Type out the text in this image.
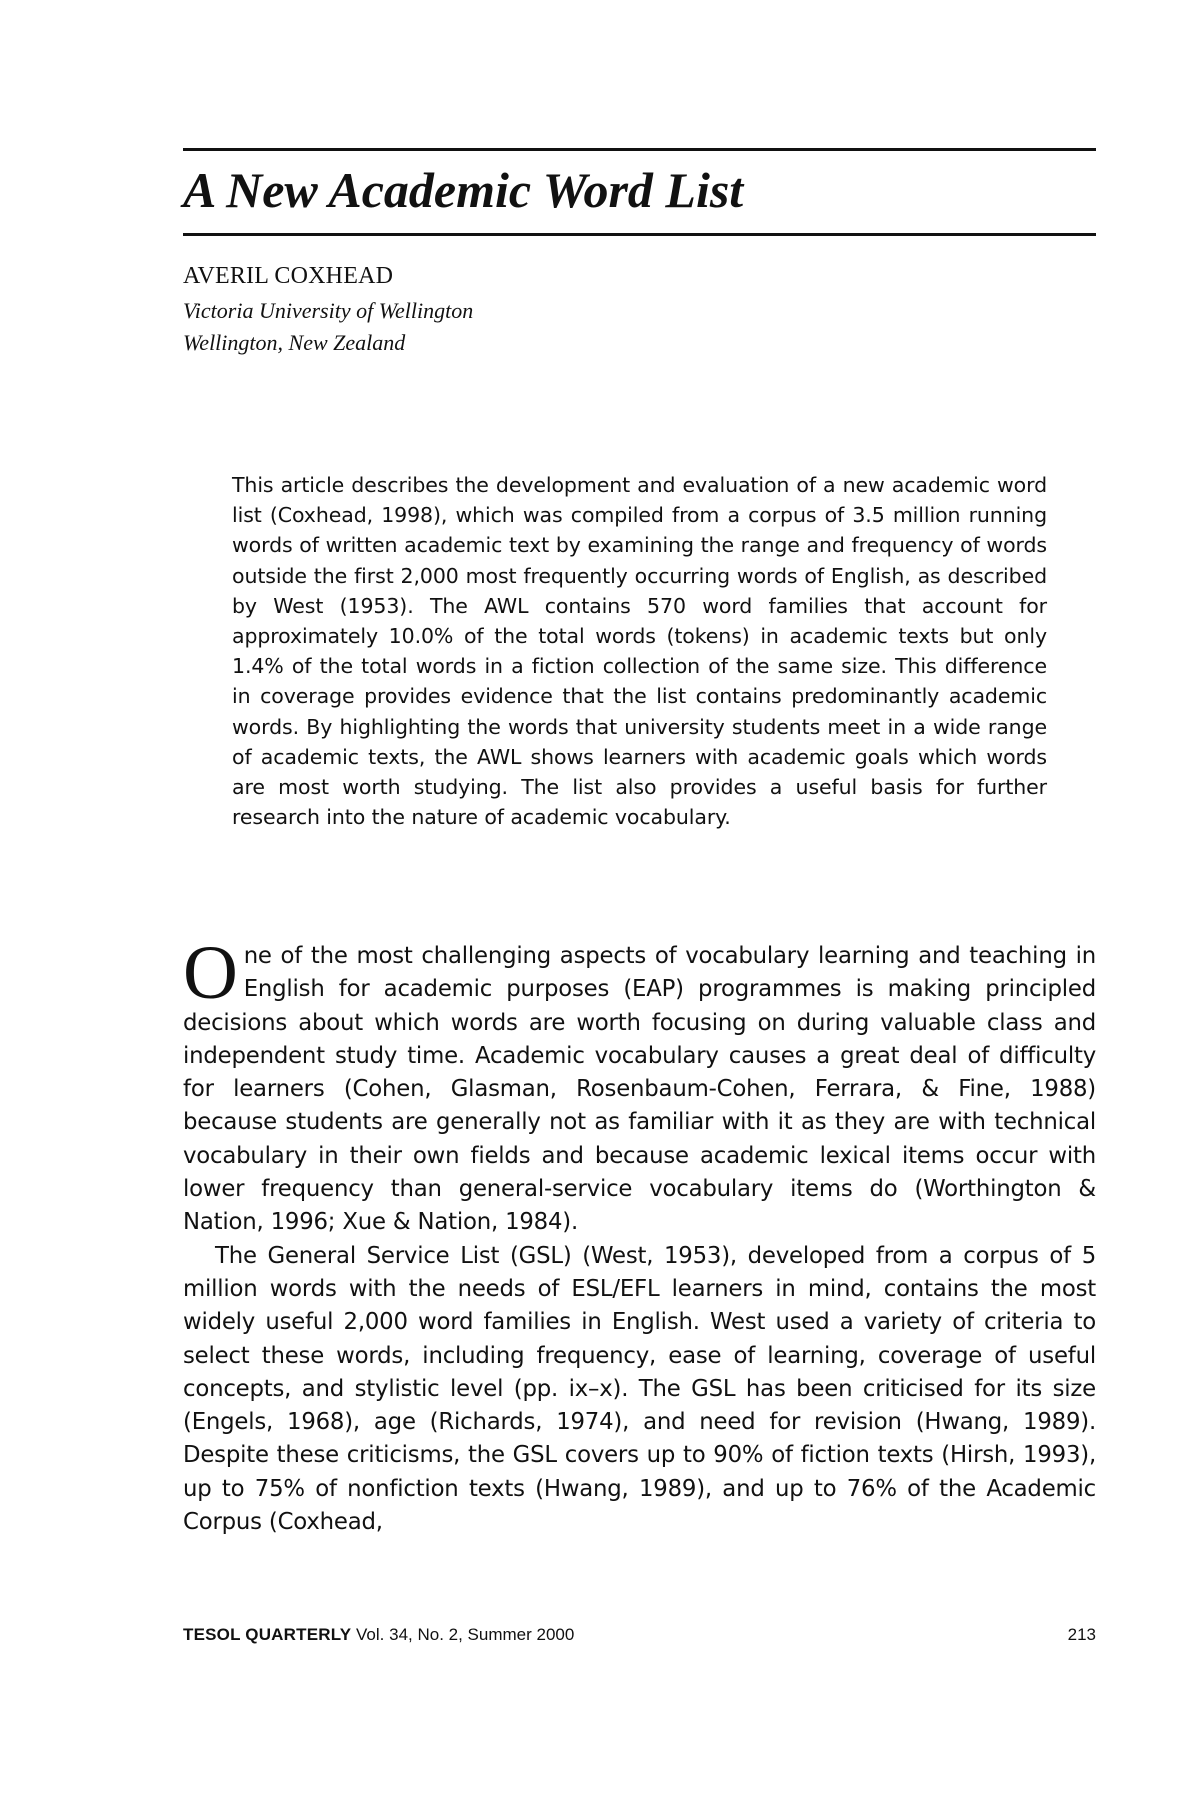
A New Academic Word List
AVERIL COXHEAD
Victoria University of Wellington
Wellington, New Zealand

This article describes the development and evaluation of a new academic word list (Coxhead, 1998), which was compiled from a corpus of 3.5 million running words of written academic text by examining the range and frequency of words outside the first 2,000 most frequently occurring words of English, as described by West (1953). The AWL contains 570 word families that account for approximately 10.0% of the total words (tokens) in academic texts but only 1.4% of the total words in a fiction collection of the same size. This difference in coverage provides evidence that the list contains predominantly academic words. By highlighting the words that university students meet in a wide range of academic texts, the AWL shows learners with academic goals which words are most worth studying. The list also provides a useful basis for further research into the nature of academic vocabulary.

One of the most challenging aspects of vocabulary learning and teaching in English for academic purposes (EAP) programmes is making principled decisions about which words are worth focusing on during valuable class and independent study time. Academic vocabulary causes a great deal of difficulty for learners (Cohen, Glasman, Rosenbaum-Cohen, Ferrara, & Fine, 1988) because students are generally not as familiar with it as they are with technical vocabulary in their own fields and because academic lexical items occur with lower frequency than general-service vocabulary items do (Worthington & Nation, 1996; Xue & Nation, 1984).

The General Service List (GSL) (West, 1953), developed from a corpus of 5 million words with the needs of ESL/EFL learners in mind, contains the most widely useful 2,000 word families in English. West used a variety of criteria to select these words, including frequency, ease of learning, coverage of useful concepts, and stylistic level (pp. ix–x). The GSL has been criticised for its size (Engels, 1968), age (Richards, 1974), and need for revision (Hwang, 1989). Despite these criticisms, the GSL covers up to 90% of fiction texts (Hirsh, 1993), up to 75% of nonfiction texts (Hwang, 1989), and up to 76% of the Academic Corpus (Coxhead,

TESOL QUARTERLY Vol. 34, No. 2, Summer 2000	213
